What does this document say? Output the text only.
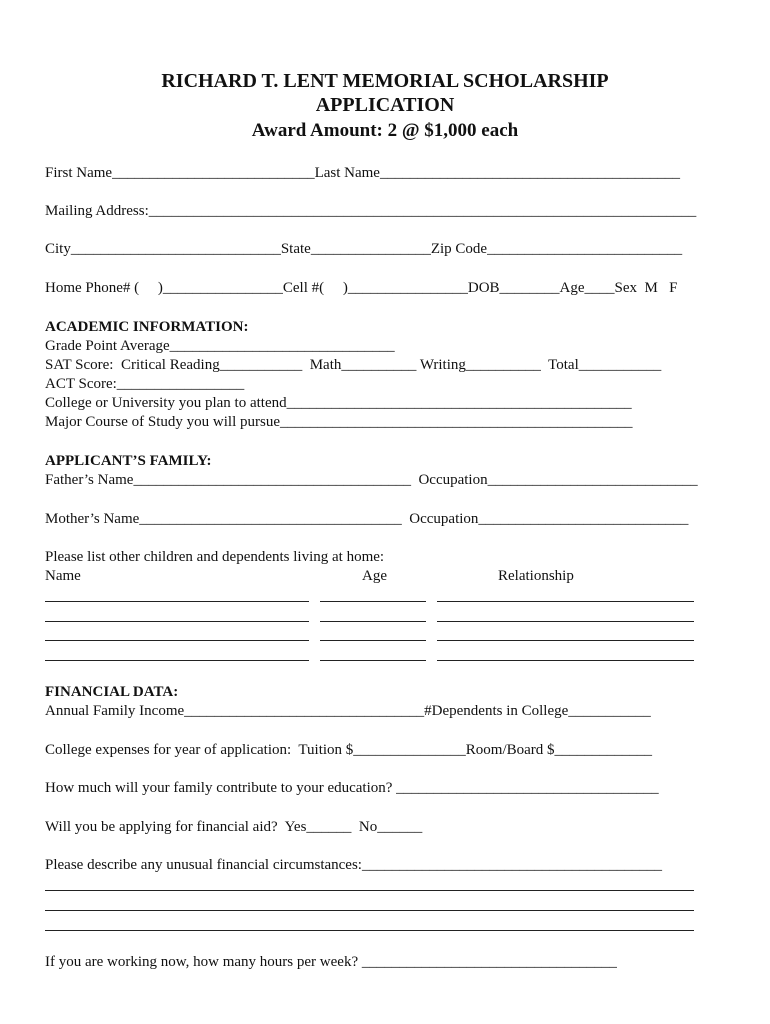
RICHARD T. LENT MEMORIAL SCHOLARSHIP
APPLICATION
Award Amount: 2 @ $1,000 each
First Name___________________________Last Name________________________________________
Mailing Address:_________________________________________________________________________
City____________________________State________________Zip Code__________________________
Home Phone# (     )________________Cell #(     )________________DOB________Age____Sex  M   F
ACADEMIC INFORMATION:
Grade Point Average______________________________
SAT Score:  Critical Reading___________  Math__________ Writing__________  Total___________
ACT Score:_________________
College or University you plan to attend______________________________________________
Major Course of Study you will pursue_______________________________________________
APPLICANT’S FAMILY:
Father’s Name_____________________________________  Occupation____________________________
Mother’s Name___________________________________  Occupation____________________________
Please list other children and dependents living at home:
Name	Age	Relationship
FINANCIAL DATA:
Annual Family Income________________________________#Dependents in College___________
College expenses for year of application:  Tuition $_______________Room/Board $_____________
How much will your family contribute to your education? ___________________________________
Will you be applying for financial aid?  Yes______  No______
Please describe any unusual financial circumstances:________________________________________
If you are working now, how many hours per week? __________________________________
